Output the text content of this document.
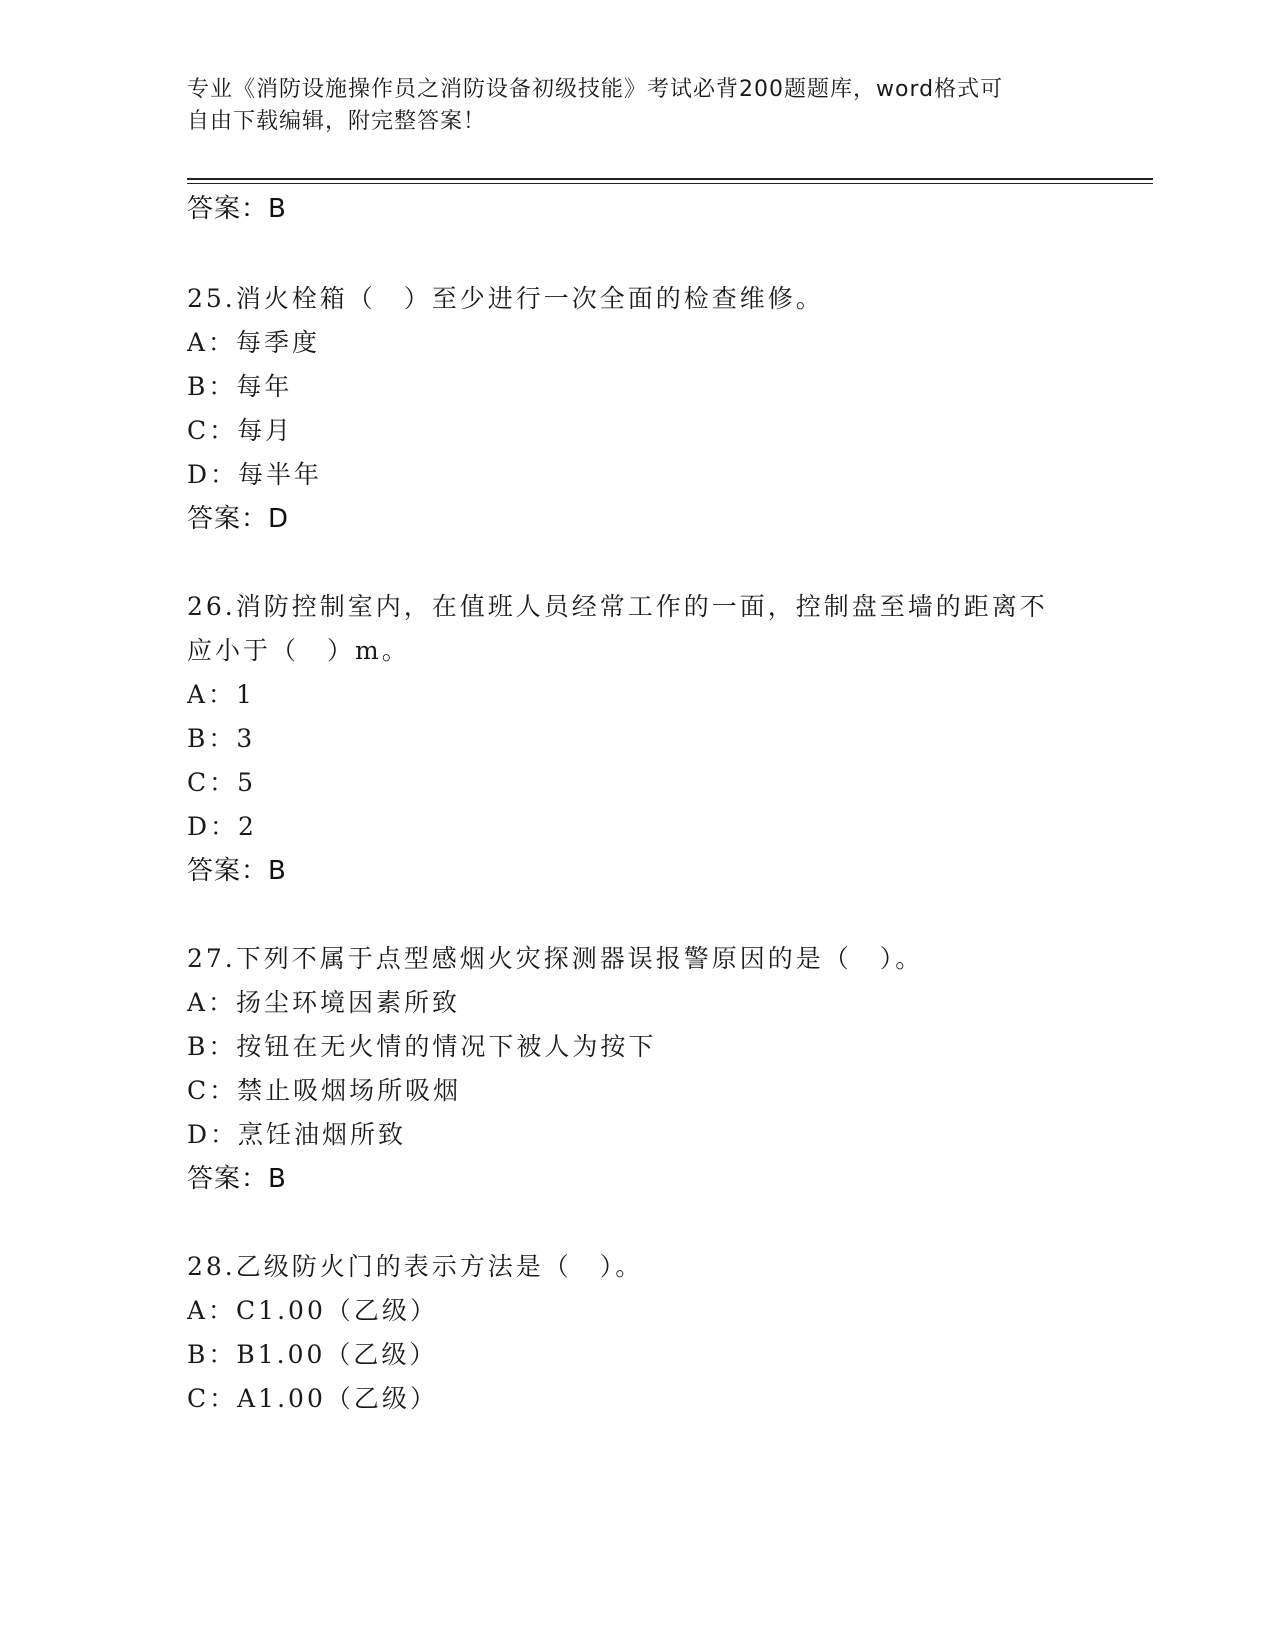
专业《消防设施操作员之消防设备初级技能》考试必背200题题库，word格式可
自由下载编辑，附完整答案！
答案：B
25.消火栓箱（　）至少进行一次全面的检查维修。
A：每季度
B：每年
C：每月
D：每半年
答案：D
26.消防控制室内，在值班人员经常工作的一面，控制盘至墙的距离不
应小于（　）m。
A：1
B：3
C：5
D：2
答案：B
27.下列不属于点型感烟火灾探测器误报警原因的是（　）。
A：扬尘环境因素所致
B：按钮在无火情的情况下被人为按下
C：禁止吸烟场所吸烟
D：烹饪油烟所致
答案：B
28.乙级防火门的表示方法是（　）。
A：C1.00（乙级）
B：B1.00（乙级）
C：A1.00（乙级）
